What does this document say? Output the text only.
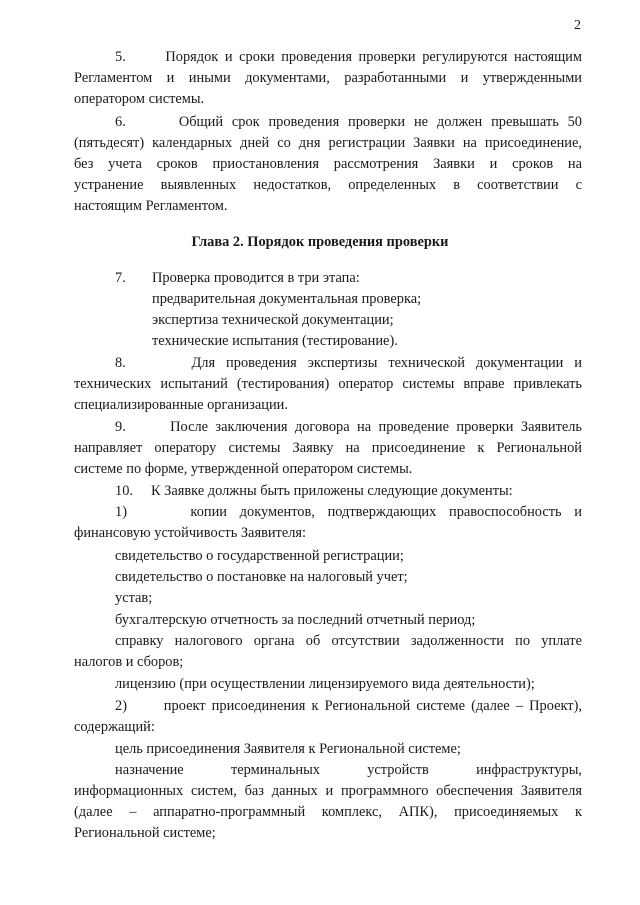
2
5.      Порядок и сроки проведения проверки регулируются настоящим
Регламентом и иными документами, разработанными и утвержденными
оператором системы.
6.      Общий срок проведения проверки не должен превышать 50
(пятьдесят) календарных дней со дня регистрации Заявки на присоединение,
без учета сроков приостановления рассмотрения Заявки и сроков на
устранение выявленных недостатков, определенных в соответствии с
настоящим Регламентом.
Глава 2. Порядок проведения проверки
7. Проверка проводится в три этапа:
предварительная документальная проверка;
экспертиза технической документации;
технические испытания (тестирование).
8.      Для проведения экспертизы технической документации и
технических испытаний (тестирования) оператор системы вправе привлекать
специализированные организации.
9.      После заключения договора на проведение проверки Заявитель
направляет оператору системы Заявку на присоединение к Региональной
системе по форме, утвержденной оператором системы.
10.     К Заявке должны быть приложены следующие документы:
1)     копии документов, подтверждающих правоспособность и
финансовую устойчивость Заявителя:
свидетельство о государственной регистрации;
свидетельство о постановке на налоговый учет;
устав;
бухгалтерскую отчетность за последний отчетный период;
справку налогового органа об отсутствии задолженности по уплате
налогов и сборов;
лицензию (при осуществлении лицензируемого вида деятельности);
2)      проект присоединения к Региональной системе (далее – Проект),
содержащий:
цель присоединения Заявителя к Региональной системе;
назначение терминальных устройств инфраструктуры,
информационных систем, баз данных и программного обеспечения Заявителя
(далее – аппаратно-программный комплекс, АПК), присоединяемых к
Региональной системе;
